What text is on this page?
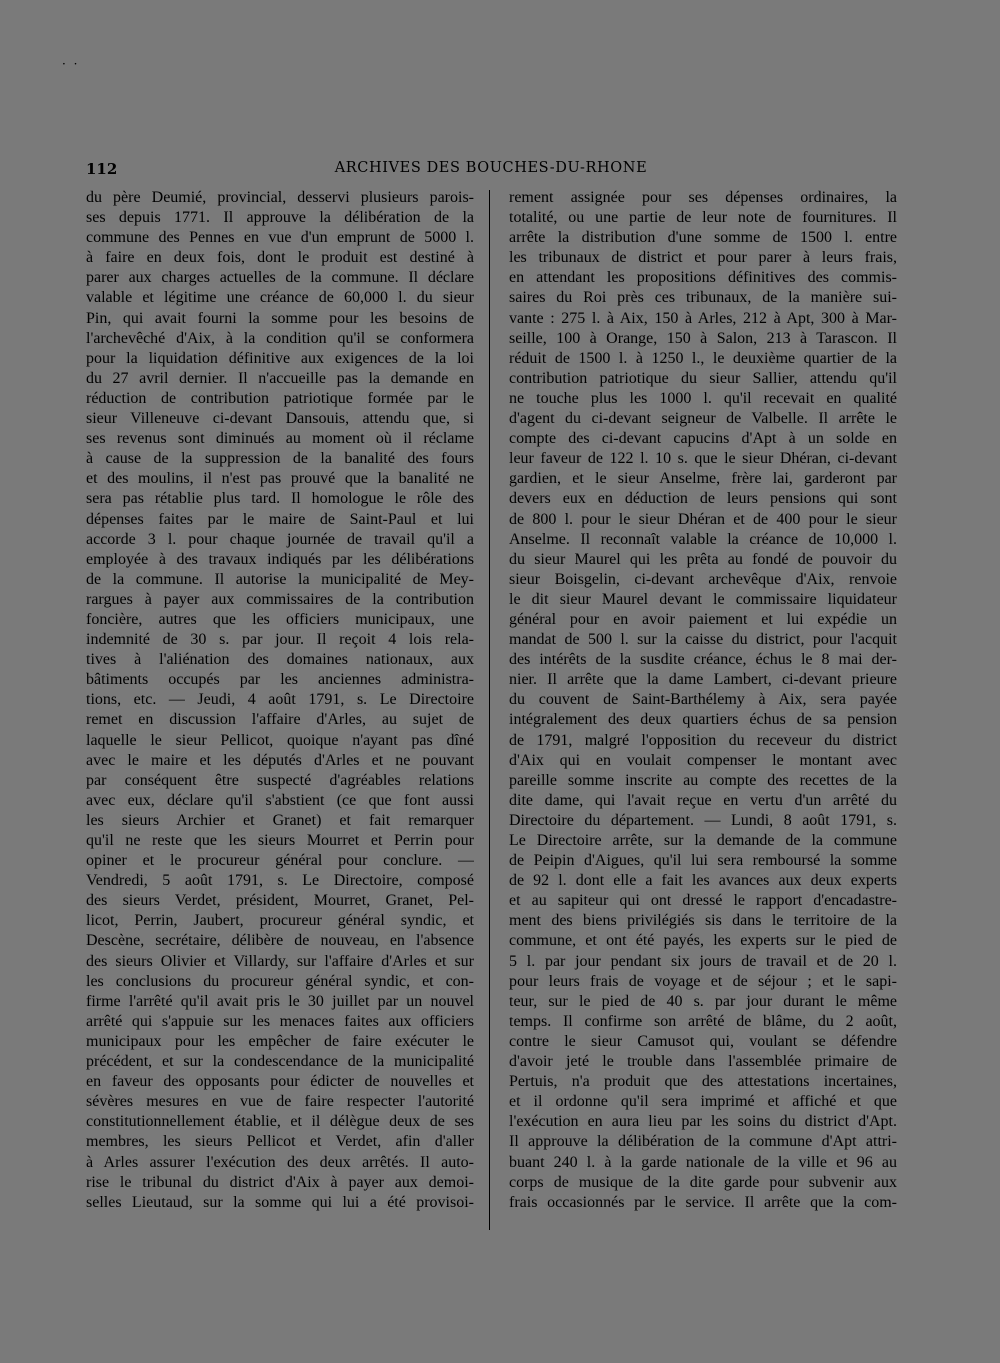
· ·
112	ARCHIVES DES BOUCHES-DU-RHONE
du père Deumié, provincial, desservi plusieurs parois-
ses depuis 1771. Il approuve la délibération de la
commune des Pennes en vue d'un emprunt de 5000 l.
à faire en deux fois, dont le produit est destiné à
parer aux charges actuelles de la commune. Il déclare
valable et légitime une créance de 60,000 l. du sieur
Pin, qui avait fourni la somme pour les besoins de
l'archevêché d'Aix, à la condition qu'il se conformera
pour la liquidation définitive aux exigences de la loi
du 27 avril dernier. Il n'accueille pas la demande en
réduction de contribution patriotique formée par le
sieur Villeneuve ci-devant Dansouis, attendu que, si
ses revenus sont diminués au moment où il réclame
à cause de la suppression de la banalité des fours
et des moulins, il n'est pas prouvé que la banalité ne
sera pas rétablie plus tard. Il homologue le rôle des
dépenses faites par le maire de Saint-Paul et lui
accorde 3 l. pour chaque journée de travail qu'il a
employée à des travaux indiqués par les délibérations
de la commune. Il autorise la municipalité de Mey-
rargues à payer aux commissaires de la contribution
foncière, autres que les officiers municipaux, une
indemnité de 30 s. par jour. Il reçoit 4 lois rela-
tives à l'aliénation des domaines nationaux, aux
bâtiments occupés par les anciennes administra-
tions, etc. — Jeudi, 4 août 1791, s. Le Directoire
remet en discussion l'affaire d'Arles, au sujet de
laquelle le sieur Pellicot, quoique n'ayant pas dîné
avec le maire et les députés d'Arles et ne pouvant
par conséquent être suspecté d'agréables relations
avec eux, déclare qu'il s'abstient (ce que font aussi
les sieurs Archier et Granet) et fait remarquer
qu'il ne reste que les sieurs Mourret et Perrin pour
opiner et le procureur général pour conclure. —
Vendredi, 5 août 1791, s. Le Directoire, composé
des sieurs Verdet, président, Mourret, Granet, Pel-
licot, Perrin, Jaubert, procureur général syndic, et
Descène, secrétaire, délibère de nouveau, en l'absence
des sieurs Olivier et Villardy, sur l'affaire d'Arles et sur
les conclusions du procureur général syndic, et con-
firme l'arrêté qu'il avait pris le 30 juillet par un nouvel
arrêté qui s'appuie sur les menaces faites aux officiers
municipaux pour les empêcher de faire exécuter le
précédent, et sur la condescendance de la municipalité
en faveur des opposants pour édicter de nouvelles et
sévères mesures en vue de faire respecter l'autorité
constitutionnellement établie, et il délègue deux de ses
membres, les sieurs Pellicot et Verdet, afin d'aller
à Arles assurer l'exécution des deux arrêtés. Il auto-
rise le tribunal du district d'Aix à payer aux demoi-
selles Lieutaud, sur la somme qui lui a été provisoi-
rement assignée pour ses dépenses ordinaires, la
totalité, ou une partie de leur note de fournitures. Il
arrête la distribution d'une somme de 1500 l. entre
les tribunaux de district et pour parer à leurs frais,
en attendant les propositions définitives des commis-
saires du Roi près ces tribunaux, de la manière sui-
vante : 275 l. à Aix, 150 à Arles, 212 à Apt, 300 à Mar-
seille, 100 à Orange, 150 à Salon, 213 à Tarascon. Il
réduit de 1500 l. à 1250 l., le deuxième quartier de la
contribution patriotique du sieur Sallier, attendu qu'il
ne touche plus les 1000 l. qu'il recevait en qualité
d'agent du ci-devant seigneur de Valbelle. Il arrête le
compte des ci-devant capucins d'Apt à un solde en
leur faveur de 122 l. 10 s. que le sieur Dhéran, ci-devant
gardien, et le sieur Anselme, frère lai, garderont par
devers eux en déduction de leurs pensions qui sont
de 800 l. pour le sieur Dhéran et de 400 pour le sieur
Anselme. Il reconnaît valable la créance de 10,000 l.
du sieur Maurel qui les prêta au fondé de pouvoir du
sieur Boisgelin, ci-devant archevêque d'Aix, renvoie
le dit sieur Maurel devant le commissaire liquidateur
général pour en avoir paiement et lui expédie un
mandat de 500 l. sur la caisse du district, pour l'acquit
des intérêts de la susdite créance, échus le 8 mai der-
nier. Il arrête que la dame Lambert, ci-devant prieure
du couvent de Saint-Barthélemy à Aix, sera payée
intégralement des deux quartiers échus de sa pension
de 1791, malgré l'opposition du receveur du district
d'Aix qui en voulait compenser le montant avec
pareille somme inscrite au compte des recettes de la
dite dame, qui l'avait reçue en vertu d'un arrêté du
Directoire du département. — Lundi, 8 août 1791, s.
Le Directoire arrête, sur la demande de la commune
de Peipin d'Aigues, qu'il lui sera remboursé la somme
de 92 l. dont elle a fait les avances aux deux experts
et au sapiteur qui ont dressé le rapport d'encadastre-
ment des biens privilégiés sis dans le territoire de la
commune, et ont été payés, les experts sur le pied de
5 l. par jour pendant six jours de travail et de 20 l.
pour leurs frais de voyage et de séjour ; et le sapi-
teur, sur le pied de 40 s. par jour durant le même
temps. Il confirme son arrêté de blâme, du 2 août,
contre le sieur Camusot qui, voulant se défendre
d'avoir jeté le trouble dans l'assemblée primaire de
Pertuis, n'a produit que des attestations incertaines,
et il ordonne qu'il sera imprimé et affiché et que
l'exécution en aura lieu par les soins du district d'Apt.
Il approuve la délibération de la commune d'Apt attri-
buant 240 l. à la garde nationale de la ville et 96 au
corps de musique de la dite garde pour subvenir aux
frais occasionnés par le service. Il arrête que la com-
